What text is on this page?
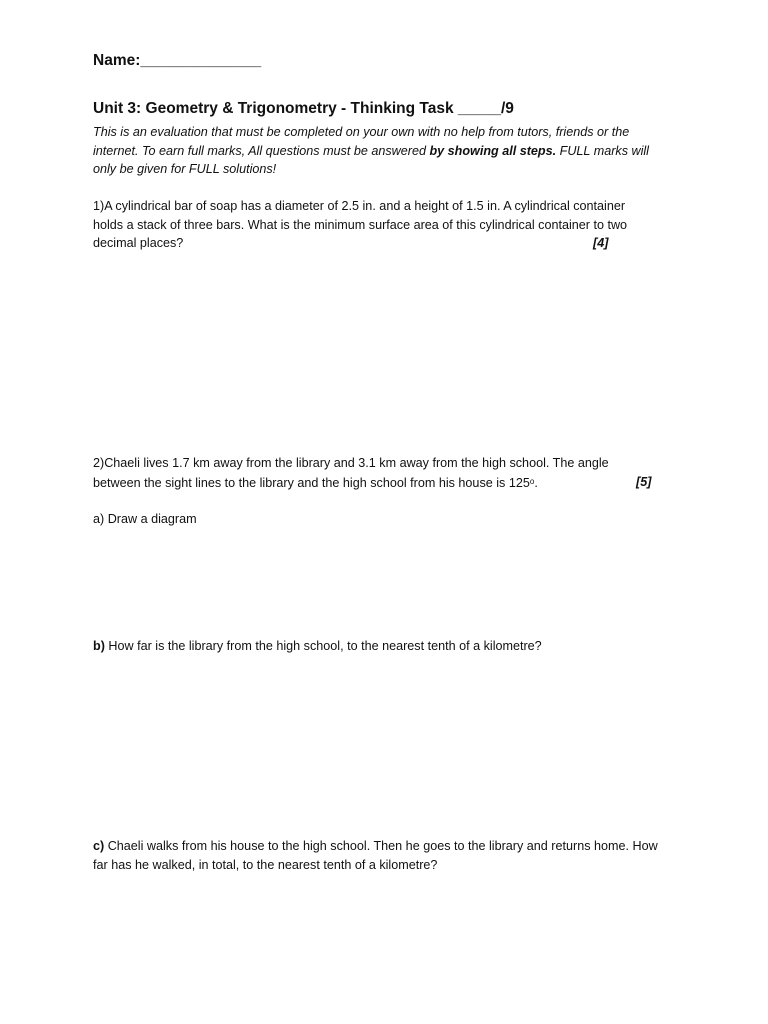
Name:______________
Unit 3: Geometry & Trigonometry - Thinking Task _____/9
This is an evaluation that must be completed on your own with no help from tutors, friends or the
internet. To earn full marks, All questions must be answered by showing all steps. FULL marks will
only be given for FULL solutions!
1)A cylindrical bar of soap has a diameter of 2.5 in. and a height of 1.5 in. A cylindrical container
holds a stack of three bars. What is the minimum surface area of this cylindrical container to two
decimal places?	[4]
2)Chaeli lives 1.7 km away from the library and 3.1 km away from the high school. The angle
between the sight lines to the library and the high school from his house is 125$^o$.	[5]
a) Draw a diagram
b) How far is the library from the high school, to the nearest tenth of a kilometre?
c) Chaeli walks from his house to the high school. Then he goes to the library and returns home. How
far has he walked, in total, to the nearest tenth of a kilometre?
